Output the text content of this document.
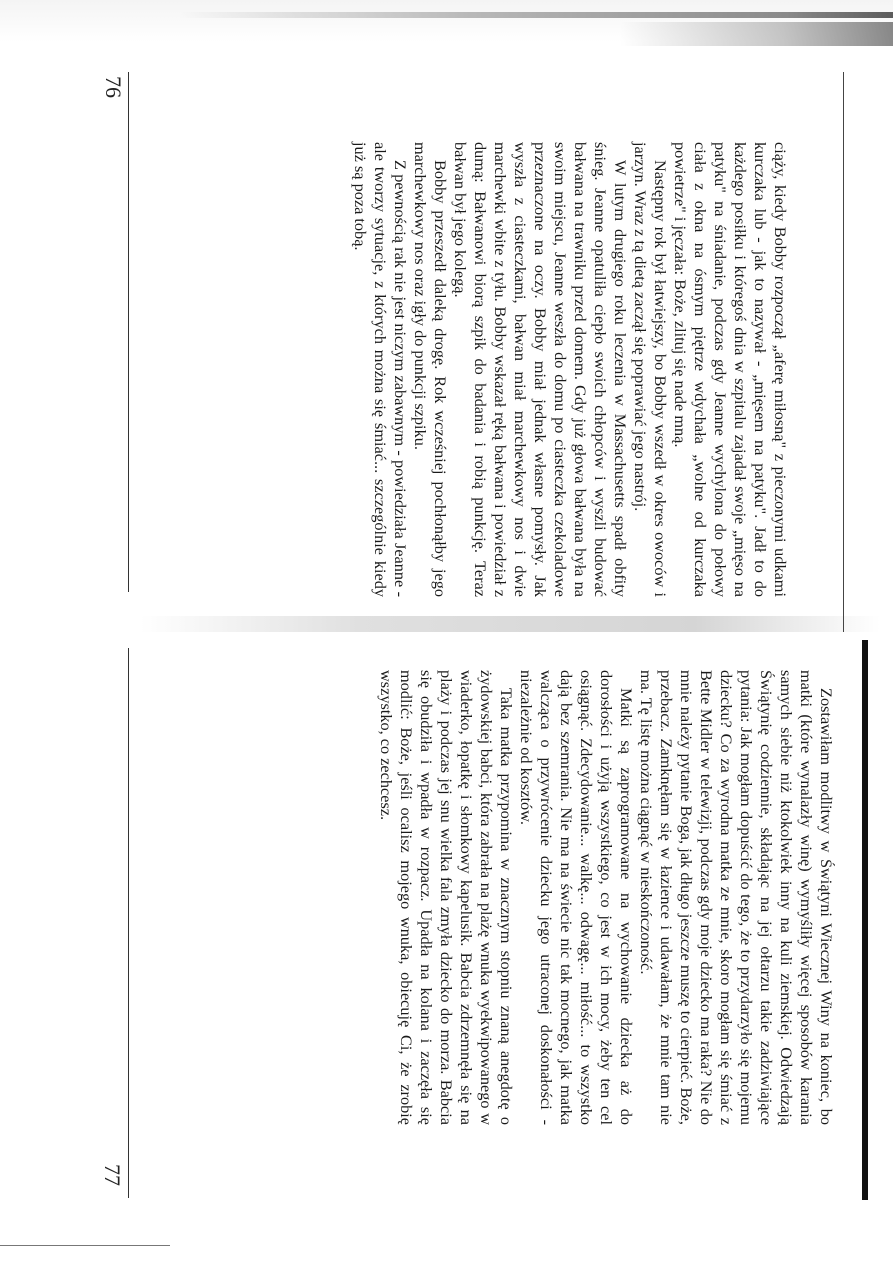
76
77

ciąży, kiedy Bobby rozpoczął „aferę miłosną" z pieczonymi udkami kurczaka lub - jak to nazywał - „mięsem na patyku". Jadł to do każdego posiłku i któregoś dnia w szpitalu zajadał swoje „mięso na patyku" na śniadanie, podczas gdy Jeanne wychylona do połowy ciała z okna na ósmym piętrze wdychała „wolne od kurczaka powietrze" i jęczała: Boże, zlituj się nade mną.

Następny rok był łatwiejszy, bo Bobby wszedł w okres owoców i jarzyn. Wraz z tą dietą zaczął się poprawiać jego nastrój.

W lutym drugiego roku leczenia w Massachusetts spadł obfity śnieg. Jeanne opatuliła ciepło swoich chłopców i wyszli budować bałwana na trawniku przed domem. Gdy już głowa bałwana była na swoim miejscu, Jeanne weszła do domu po ciasteczka czekoladowe przeznaczone na oczy. Bobby miał jednak własne pomysły. Jak wyszła z ciasteczkami, bałwan miał marchewkowy nos i dwie marchewki wbite z tyłu. Bobby wskazał ręką bałwana i powiedział z dumą: Bałwanowi biorą szpik do badania i robią punkcję. Teraz bałwan był jego kolegą.

Bobby przeszedł daleką drogę. Rok wcześniej pochłonąłby jego marchewkowy nos oraz igły do punkcji szpiku.

Z pewnością rak nie jest niczym zabawnym - powiedziała Jeanne - ale tworzy sytuacje, z których można się śmiać... szczególnie kiedy już są poza tobą.

Zostawiłam modlitwy w Świątyni Wiecznej Winy na koniec, bo matki (które wynalazły winę) wymyśliły więcej sposobów karania samych siebie niż ktokolwiek inny na kuli ziemskiej. Odwiedzają Świątynię codziennie, składając na jej ołtarzu takie zadziwiające pytania: Jak mogłam dopuścić do tego, że to przydarzyło się mojemu dziecku? Co za wyrodna matka ze mnie, skoro mogłam się śmiać z Bette Midler w telewizji, podczas gdy moje dziecko ma raka? Nie do mnie należy pytanie Boga, jak długo jeszcze muszę to cierpieć. Boże, przebacz. Zamknęłam się w łazience i udawałam, że mnie tam nie ma. Tę listę można ciągnąć w nieskończoność.

Matki są zaprogramowane na wychowanie dziecka aż do dorosłości i użyją wszystkiego, co jest w ich mocy, żeby ten cel osiągnąć. Zdecydowanie... walkę... odwagę... miłość... to wszystko dają bez szemrania. Nie ma na świecie nic tak mocnego, jak matka walcząca o przywrócenie dziecku jego utraconej doskonałości - niezależnie od kosztów.

Taka matka przypomina w znacznym stopniu znaną anegdotę o żydowskiej babci, która zabrała na plażę wnuka wyekwipowanego w wiaderko, łopatkę i słomkowy kapelusik. Babcia zdrzemnęła się na plaży i podczas jej snu wielka fala zmyła dziecko do morza. Babcia się obudziła i wpadła w rozpacz. Upadła na kolana i zaczęła się modlić: Boże, jeśli ocalisz mojego wnuka, obiecuję Ci, że zrobię wszystko, co zechcesz.
